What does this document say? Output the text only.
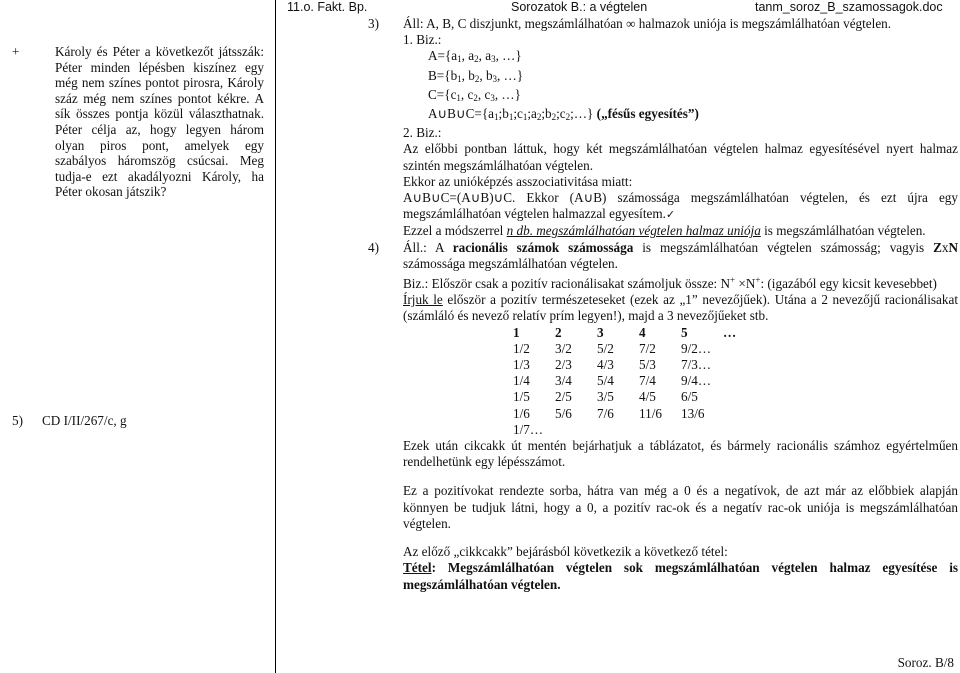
+	Károly és Péter a következőt játsszák: Péter minden lépésben kiszínez egy még nem színes pontot pirosra, Károly száz még nem színes pontot kékre. A sík összes pontja közül választhatnak. Péter célja az, hogy legyen három olyan piros pont, amelyek egy szabályos háromszög csúcsai. Meg tudja-e ezt akadályozni Károly, ha Péter okosan játszik?

5) CD I/II/267/c, g
11.o. Fakt. Bp.	Sorozatok B.: a végtelen	tanm_soroz_B_szamossagok.doc
3) Áll: A, B, C diszjunkt, megszámlálhatóan ∞ halmazok uniója is megszámlálhatóan végtelen.
1. Biz.:
$A=\{a_1$, $a_2$, $a_3$, …}
$B=\{b_1$, $b_2$, $b_3$, …}
$C=\{c_1$, $c_2$, $c_3$, …}
$A\cup B\cup C=\{a_1;b_1;c_1;a_2;b_2;c_2;\dots\}$ („fésűs egyesítés”)
2. Biz.:
Az előbbi pontban láttuk, hogy két megszámlálhatóan végtelen halmaz egyesítésével nyert halmaz szintén megszámlálhatóan végtelen.
Ekkor az unióképzés asszociativitása miatt:
A∪B∪C=(A∪B)∪C. Ekkor (A∪B) számossága megszámlálhatóan végtelen, és ezt újra egy megszámlálhatóan végtelen halmazzal egyesítem.✓
Ezzel a módszerrel n db. megszámlálhatóan végtelen halmaz uniója is megszámlálhatóan végtelen.
4) Áll.: A racionális számok számossága is megszámlálhatóan végtelen számosság; vagyis ZxN számossága megszámlálhatóan végtelen.
Biz.: Először csak a pozitív racionálisakat számoljuk össze: N+ ×N+: (igazából egy kicsit kevesebbet)
Írjuk le először a pozitív természeteseket (ezek az „1” nevezőjűek). Utána a 2 nevezőjű racionálisakat (számláló és nevező relatív prím legyen!), majd a 3 nevezőjűeket stb.
1	2	3	4	5	…
1/2	3/2	5/2	7/2	9/2…	
1/3	2/3	4/3	5/3	7/3…	
1/4	3/4	5/4	7/4	9/4…	
1/5	2/5	3/5	4/5	6/5	
1/6	5/6	7/6	11/6	13/6	
1/7…					
Ezek után cikcakk út mentén bejárhatjuk a táblázatot, és bármely racionális számhoz egyértelműen rendelhetünk egy lépésszámot.
Ez a pozitívokat rendezte sorba, hátra van még a 0 és a negatívok, de azt már az előbbiek alapján könnyen be tudjuk látni, hogy a 0, a pozitív rac-ok és a negatív rac-ok uniója is megszámlálhatóan végtelen.
Az előző „cikkcakk” bejárásból következik a következő tétel:
Tétel: Megszámlálhatóan végtelen sok megszámlálhatóan végtelen halmaz egyesítése is megszámlálhatóan végtelen.
Soroz. B/8
